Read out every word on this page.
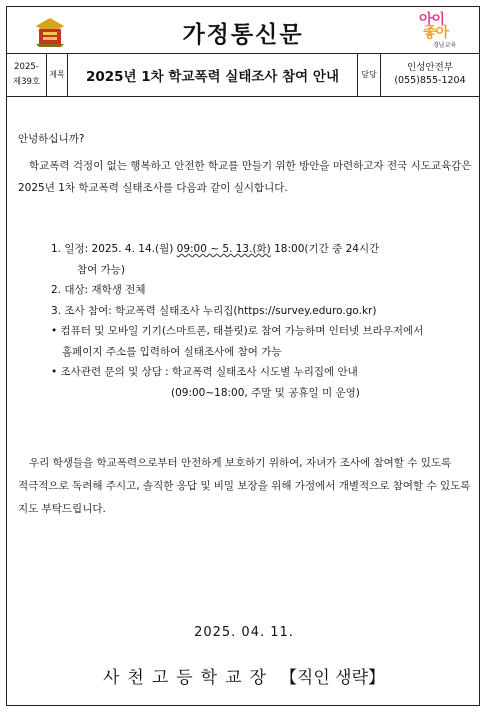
가정통신문
아이
좋아
경남교육
2025-
제39호
제목	2025년 1차 학교폭력 실태조사 참여 안내	담당
인성안전부
(055)855-1204
안녕하십니까?
학교폭력 걱정이 없는 행복하고 안전한 학교를 만들기 위한 방안을 마련하고자 전국 시도교육감은 2025년 1차 학교폭력 실태조사를 다음과 같이 실시합니다.
1. 일정: 2025. 4. 14.(월) 09:00 ~ 5. 13.(화) 18:00(기간 중 24시간
참여 가능)
2. 대상: 재학생 전체
3. 조사 참여: 학교폭력 실태조사 누리집(https://survey.eduro.go.kr)
• 컴퓨터 및 모바일 기기(스마트폰, 태블릿)로 참여 가능하며 인터넷 브라우저에서
홈페이지 주소를 입력하여 실태조사에 참여 가능
• 조사관련 문의 및 상담 : 학교폭력 실태조사 시도별 누리집에 안내
(09:00~18:00, 주말 및 공휴일 미 운영)
우리 학생들을 학교폭력으로부터 안전하게 보호하기 위하여, 자녀가 조사에 참여할 수 있도록 적극적으로 독려해 주시고, 솔직한 응답 및 비밀 보장을 위해 가정에서 개별적으로 참여할 수 있도록 지도 부탁드립니다.
2025. 04. 11.
사천고등학교장 【직인 생략】
